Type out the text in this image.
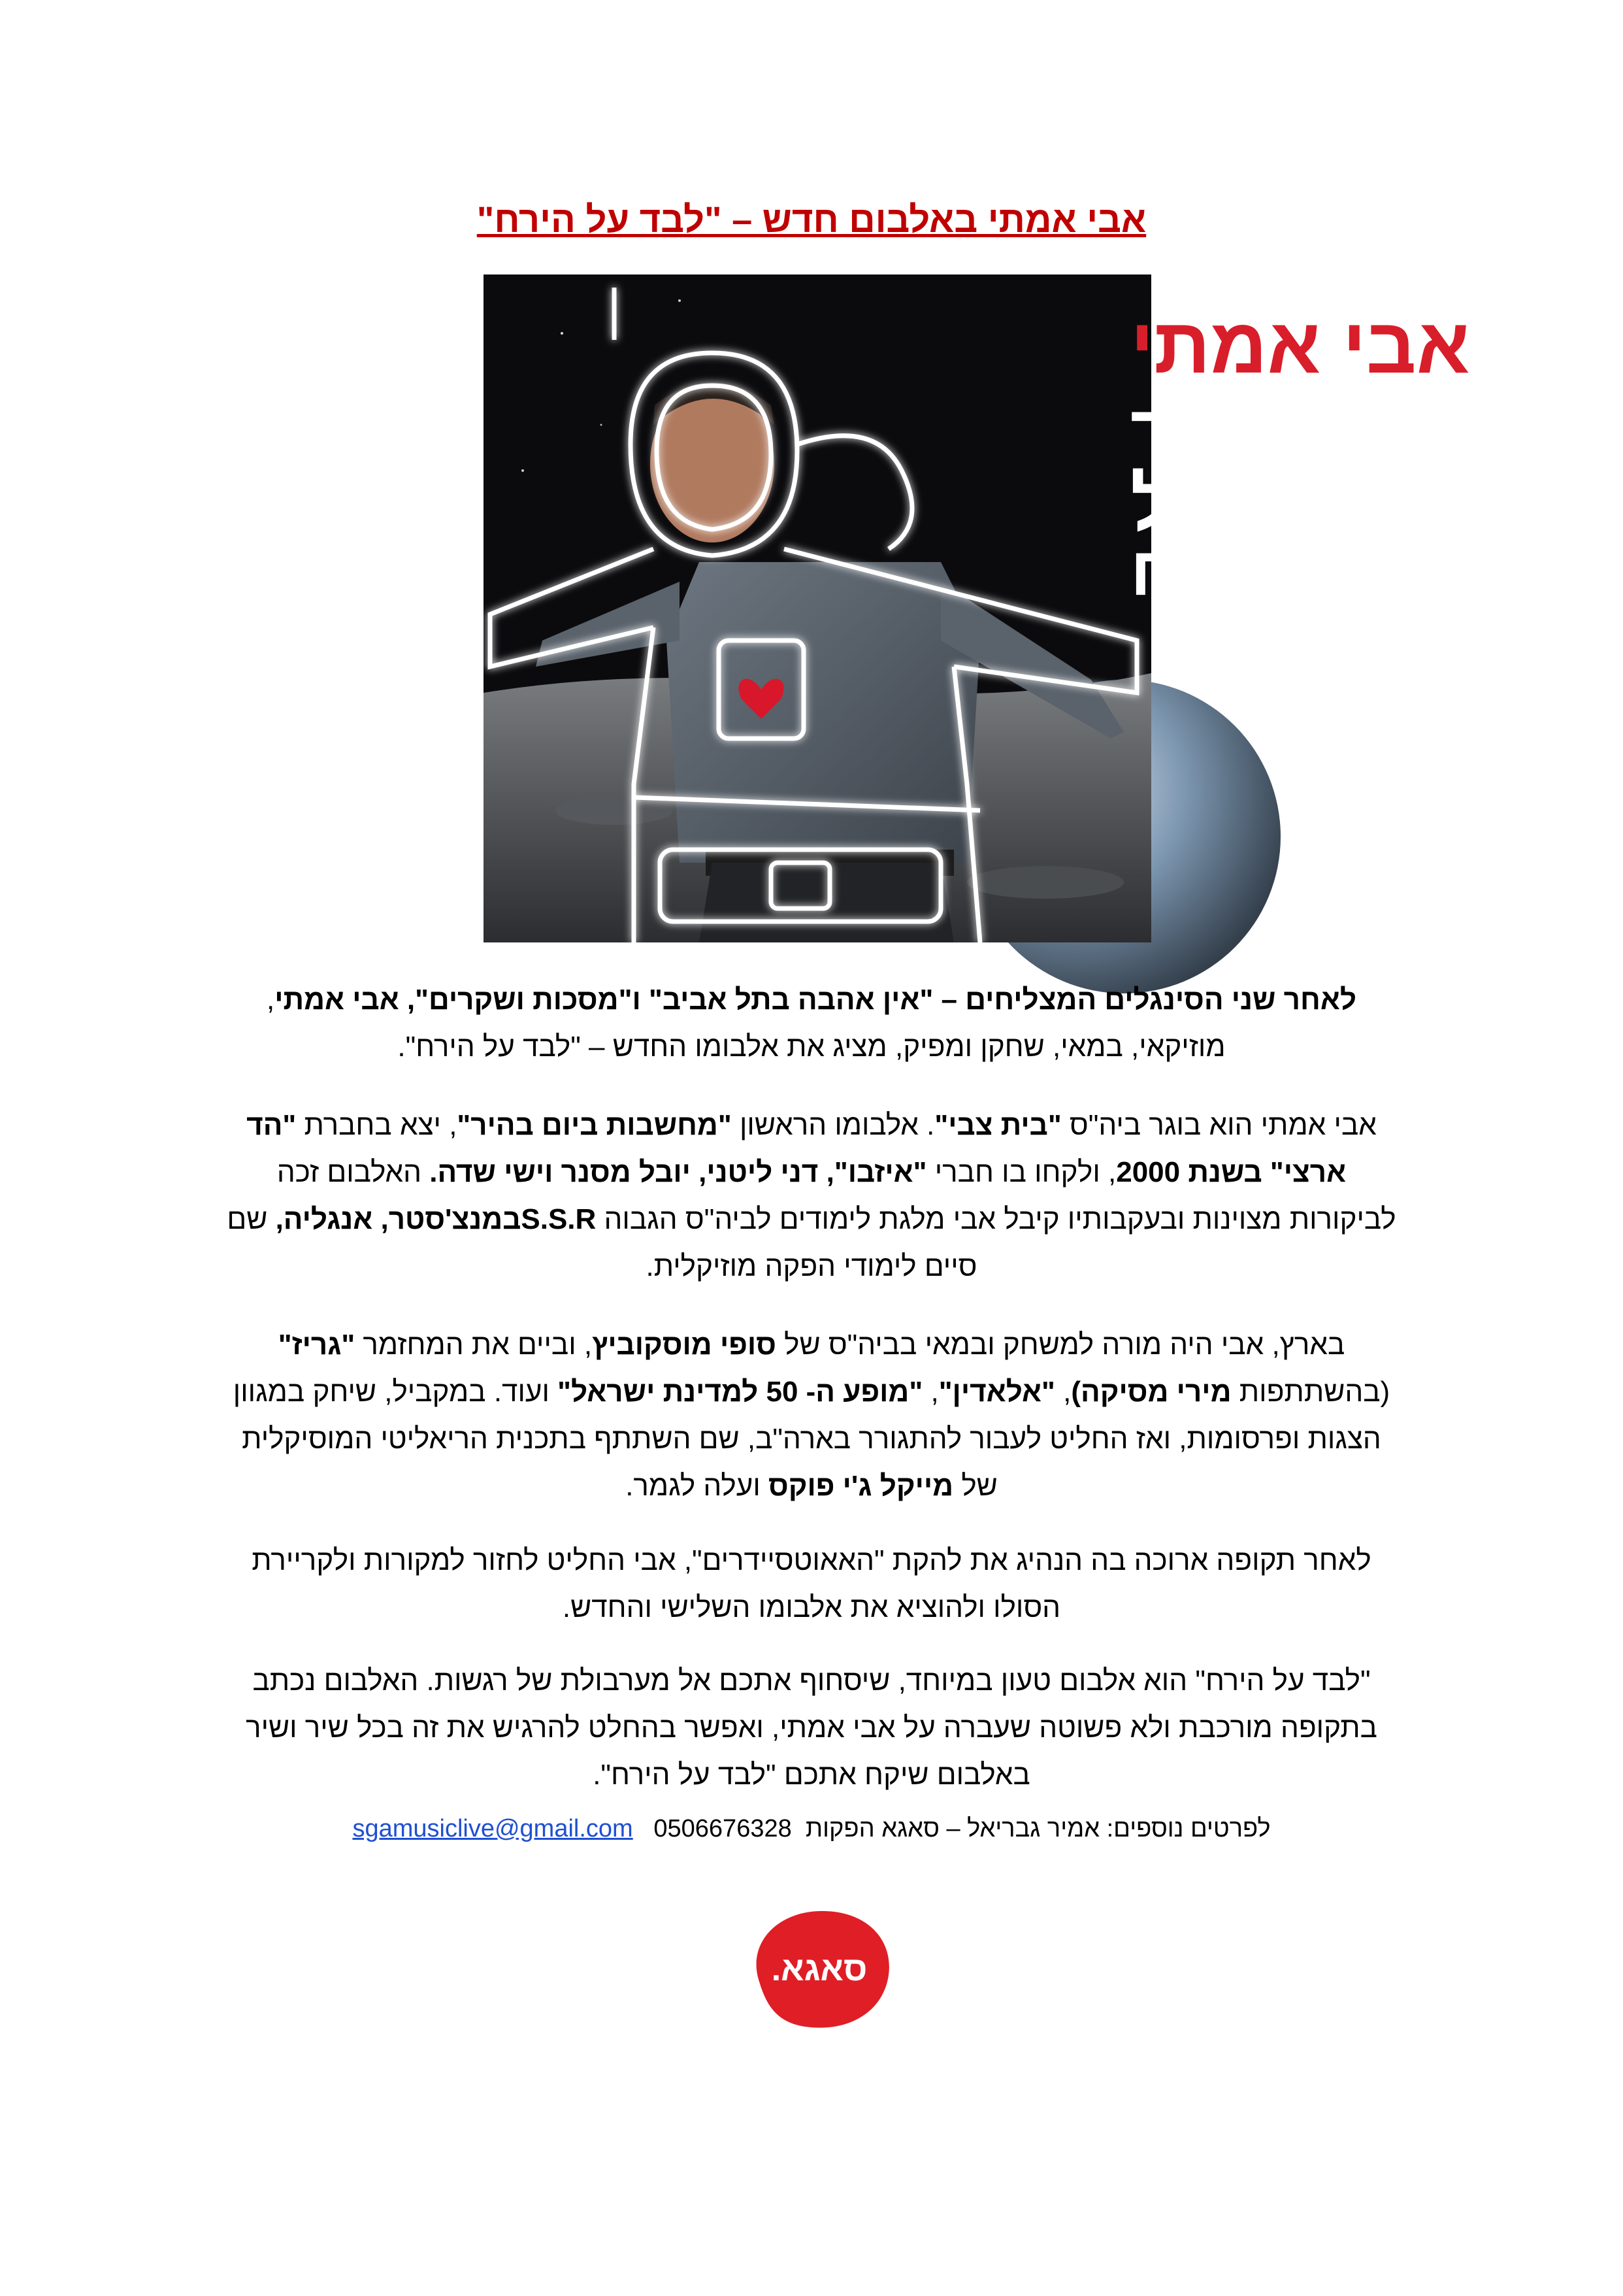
אבי אמתי באלבום חדש – "לבד על הירח"
אבי אמתי
לבד
על
הירח

לאחר שני הסינגלים המצליחים – "אין אהבה בתל אביב" ו"מסכות ושקרים", אבי אמתי, מוזיקאי, במאי, שחקן ומפיק, מציג את אלבומו החדש – "לבד על הירח".

אבי אמתי הוא בוגר ביה"ס "בית צבי". אלבומו הראשון "מחשבות ביום בהיר", יצא בחברת "הד ארצי" בשנת 2000, ולקחו בו חברי "איזבו", דני ליטני, יובל מסנר וישי שדה. האלבום זכה לביקורות מצוינות ובעקבותיו קיבל אבי מלגת לימודים לביה"ס הגבוה S.S.Rבמנצ'סטר, אנגליה, שם סיים לימודי הפקה מוזיקלית.

בארץ, אבי היה מורה למשחק ובמאי בביה"ס של סופי מוסקוביץ, וביים את המחזמר "גריז" (בהשתתפות מירי מסיקה), "אלאדין", "מופע ה- 50 למדינת ישראל" ועוד. במקביל, שיחק במגוון הצגות ופרסומות, ואז החליט לעבור להתגורר בארה"ב, שם השתתף בתכנית הריאליטי המוסיקלית של מייקל ג'י פוקס ועלה לגמר.

לאחר תקופה ארוכה בה הנהיג את להקת "האאוטסיידרים", אבי החליט לחזור למקורות ולקריירת הסולו ולהוציא את אלבומו השלישי והחדש.

"לבד על הירח" הוא אלבום טעון במיוחד, שיסחוף אתכם אל מערבולת של רגשות. האלבום נכתב בתקופה מורכבת ולא פשוטה שעברה על אבי אמתי, ואפשר בהחלט להרגיש את זה בכל שיר ושיר באלבום שיקח אתכם "לבד על הירח".

לפרטים נוספים: אמיר גבריאל – סאגא הפקות  0506676328   sgamusiclive@gmail.com
סאגא.
